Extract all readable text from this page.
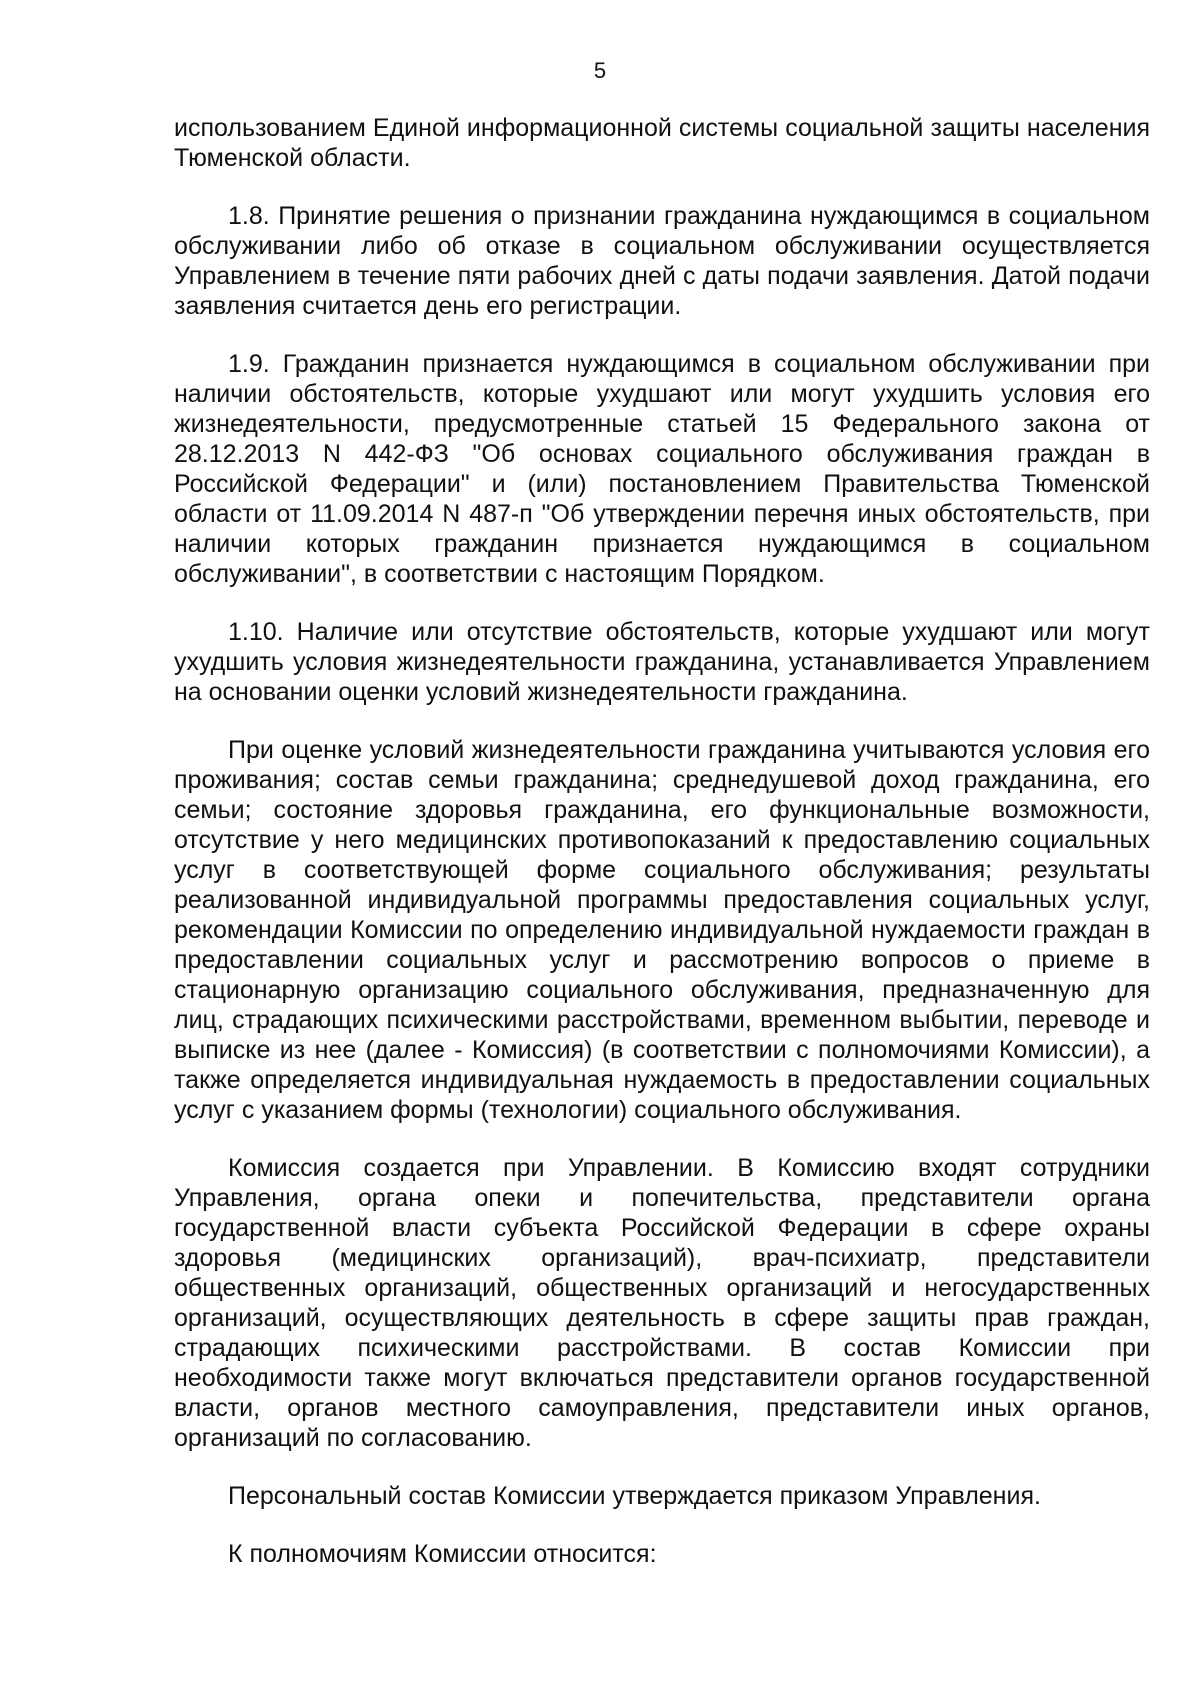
5

использованием Единой информационной системы социальной защиты населения Тюменской области.

1.8. Принятие решения о признании гражданина нуждающимся в социальном обслуживании либо об отказе в социальном обслуживании осуществляется Управлением в течение пяти рабочих дней с даты подачи заявления. Датой подачи заявления считается день его регистрации.

1.9. Гражданин признается нуждающимся в социальном обслуживании при наличии обстоятельств, которые ухудшают или могут ухудшить условия его жизнедеятельности, предусмотренные статьей 15 Федерального закона от 28.12.2013 N 442-ФЗ "Об основах социального обслуживания граждан в Российской Федерации" и (или) постановлением Правительства Тюменской области от 11.09.2014 N 487-п "Об утверждении перечня иных обстоятельств, при наличии которых гражданин признается нуждающимся в социальном обслуживании", в соответствии с настоящим Порядком.

1.10. Наличие или отсутствие обстоятельств, которые ухудшают или могут ухудшить условия жизнедеятельности гражданина, устанавливается Управлением на основании оценки условий жизнедеятельности гражданина.

При оценке условий жизнедеятельности гражданина учитываются условия его проживания; состав семьи гражданина; среднедушевой доход гражданина, его семьи; состояние здоровья гражданина, его функциональные возможности, отсутствие у него медицинских противопоказаний к предоставлению социальных услуг в соответствующей форме социального обслуживания; результаты реализованной индивидуальной программы предоставления социальных услуг, рекомендации Комиссии по определению индивидуальной нуждаемости граждан в предоставлении социальных услуг и рассмотрению вопросов о приеме в стационарную организацию социального обслуживания, предназначенную для лиц, страдающих психическими расстройствами, временном выбытии, переводе и выписке из нее (далее - Комиссия) (в соответствии с полномочиями Комиссии), а также определяется индивидуальная нуждаемость в предоставлении социальных услуг с указанием формы (технологии) социального обслуживания.

Комиссия создается при Управлении. В Комиссию входят сотрудники Управления, органа опеки и попечительства, представители органа государственной власти субъекта Российской Федерации в сфере охраны здоровья (медицинских организаций), врач-психиатр, представители общественных организаций, общественных организаций и негосударственных организаций, осуществляющих деятельность в сфере защиты прав граждан, страдающих психическими расстройствами. В состав Комиссии при необходимости также могут включаться представители органов государственной власти, органов местного самоуправления, представители иных органов, организаций по согласованию.

Персональный состав Комиссии утверждается приказом Управления.

К полномочиям Комиссии относится:
